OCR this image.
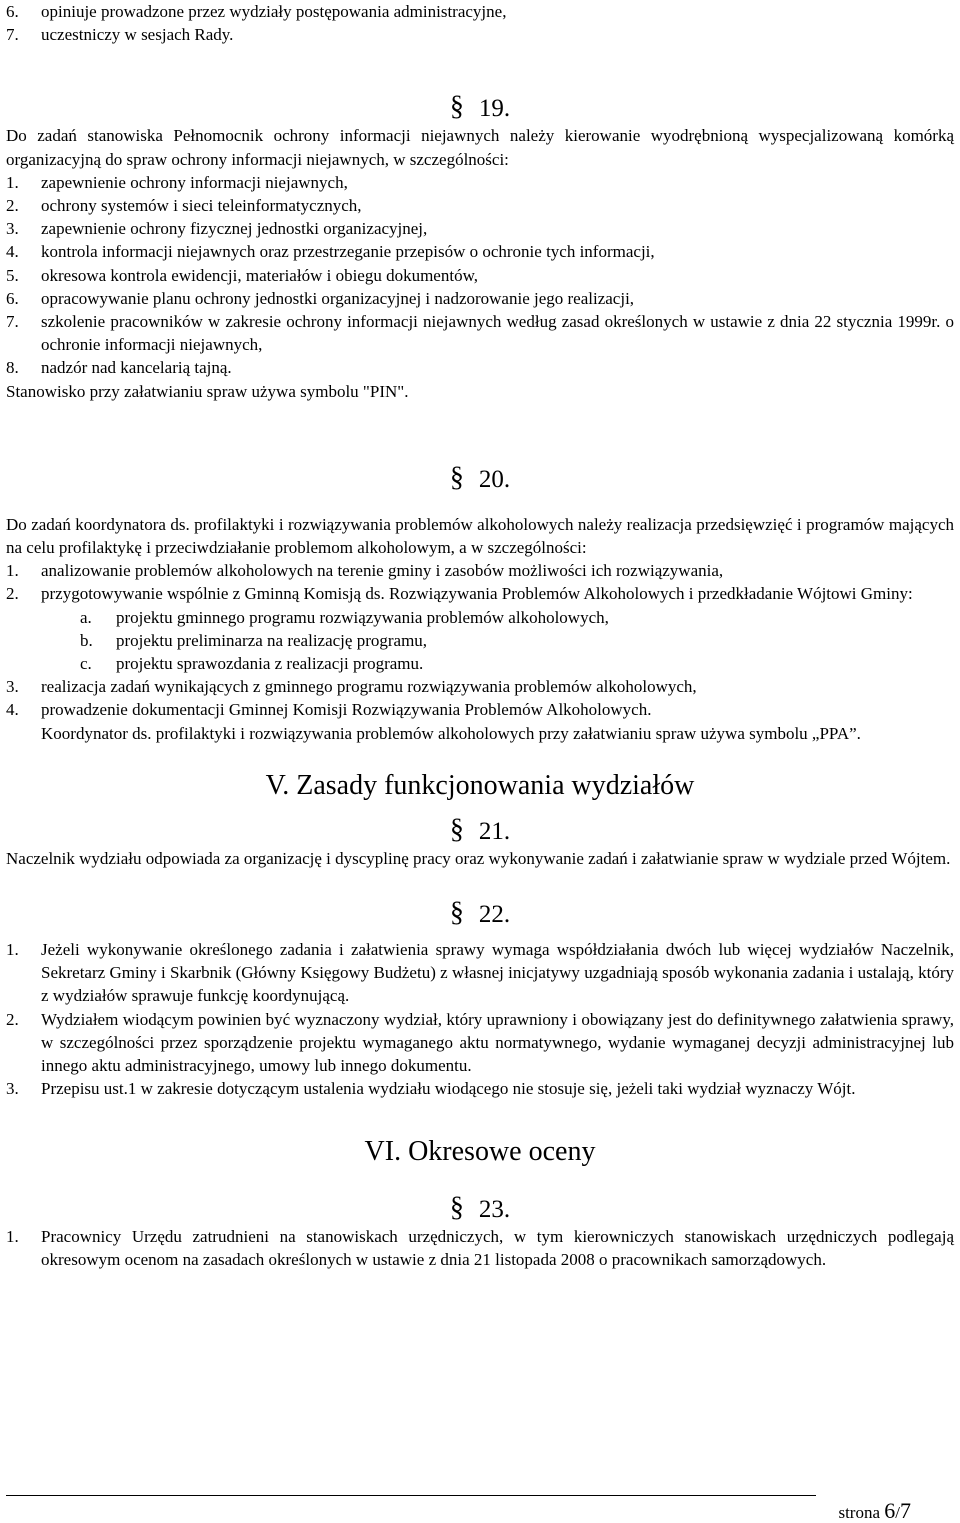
6. opiniuje prowadzone przez wydziały postępowania administracyjne,
7. uczestniczy w sesjach Rady.
§19.
Do zadań stanowiska Pełnomocnik ochrony informacji niejawnych należy kierowanie wyodrębnioną wyspecjalizowaną komórką organizacyjną do spraw ochrony informacji niejawnych, w szczególności:
1. zapewnienie ochrony informacji niejawnych,
2. ochrony systemów i sieci teleinformatycznych,
3. zapewnienie ochrony fizycznej jednostki organizacyjnej,
4. kontrola informacji niejawnych oraz przestrzeganie przepisów o ochronie tych informacji,
5. okresowa kontrola ewidencji, materiałów i obiegu dokumentów,
6. opracowywanie planu ochrony jednostki organizacyjnej i nadzorowanie jego realizacji,
7. szkolenie pracowników w zakresie ochrony informacji niejawnych według zasad określonych w ustawie z dnia 22 stycznia 1999r. o ochronie informacji niejawnych,
8. nadzór nad kancelarią tajną.
Stanowisko przy załatwianiu spraw używa symbolu "PIN".
§20.
Do zadań koordynatora ds. profilaktyki i rozwiązywania problemów alkoholowych należy realizacja przedsięwzięć i programów mających na celu profilaktykę i przeciwdziałanie problemom alkoholowym, a w szczególności:
1. analizowanie problemów alkoholowych na terenie gminy i zasobów możliwości ich rozwiązywania,
2. przygotowywanie wspólnie z Gminną Komisją ds. Rozwiązywania Problemów Alkoholowych i przedkładanie Wójtowi Gminy:
a. projektu gminnego programu rozwiązywania problemów alkoholowych,
b. projektu preliminarza na realizację programu,
c. projektu sprawozdania z realizacji programu.
3. realizacja zadań wynikających z gminnego programu rozwiązywania problemów alkoholowych,
4. prowadzenie dokumentacji Gminnej Komisji Rozwiązywania Problemów Alkoholowych.
Koordynator ds. profilaktyki i rozwiązywania problemów alkoholowych przy załatwianiu spraw używa symbolu „PPA”.
V. Zasady funkcjonowania wydziałów
§21.
Naczelnik wydziału odpowiada za organizację i dyscyplinę pracy oraz wykonywanie zadań i załatwianie spraw w wydziale przed Wójtem.
§22.
1. Jeżeli wykonywanie określonego zadania i załatwienia sprawy wymaga współdziałania dwóch lub więcej wydziałów Naczelnik, Sekretarz Gminy i Skarbnik (Główny Księgowy Budżetu) z własnej inicjatywy uzgadniają sposób wykonania zadania i ustalają, który z wydziałów sprawuje funkcję koordynującą.
2. Wydziałem wiodącym powinien być wyznaczony wydział, który uprawniony i obowiązany jest do definitywnego załatwienia sprawy, w szczególności przez sporządzenie projektu wymaganego aktu normatywnego, wydanie wymaganej decyzji administracyjnej lub innego aktu administracyjnego, umowy lub innego dokumentu.
3. Przepisu ust.1 w zakresie dotyczącym ustalenia wydziału wiodącego nie stosuje się, jeżeli taki wydział wyznaczy Wójt.
VI. Okresowe oceny
§23.
1. Pracownicy Urzędu zatrudnieni na stanowiskach urzędniczych, w tym kierowniczych stanowiskach urzędniczych podlegają okresowym ocenom na zasadach określonych w ustawie z dnia 21 listopada 2008 o pracownikach samorządowych.
strona 6/7
